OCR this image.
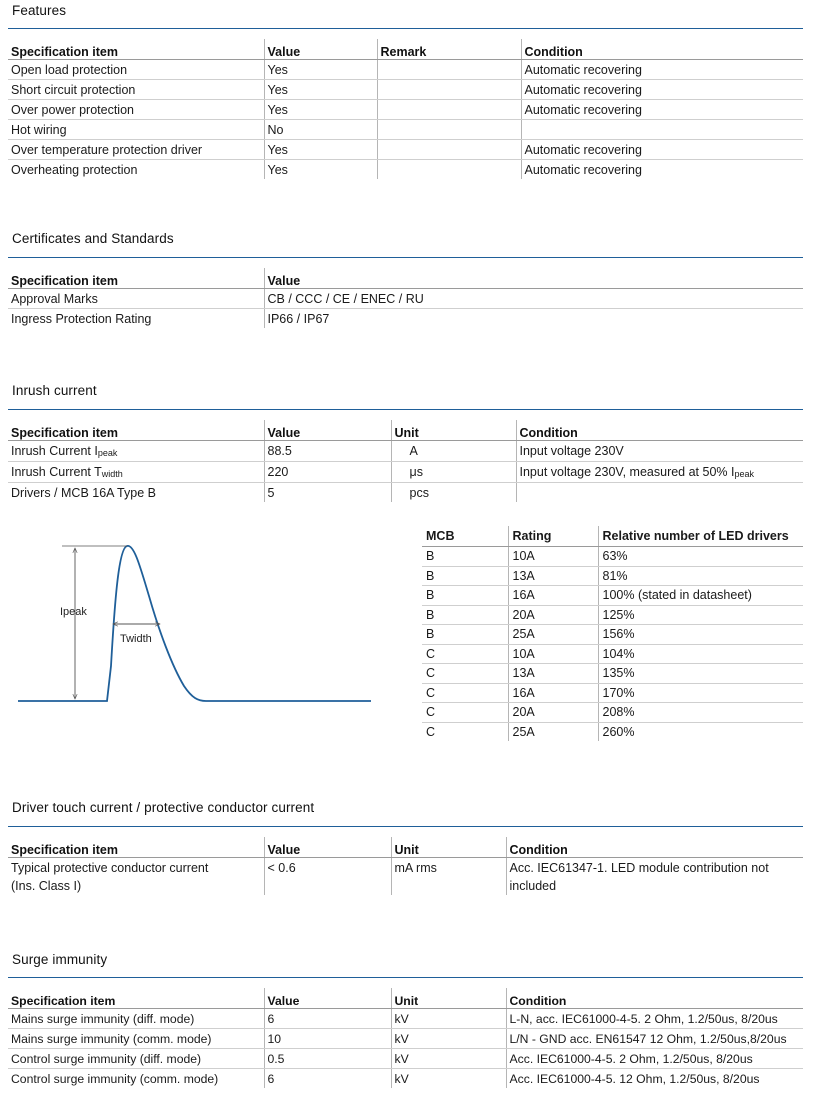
Features
Specification item	Value	Remark	Condition
Open load protection	Yes		Automatic recovering
Short circuit protection	Yes		Automatic recovering
Over power protection	Yes		Automatic recovering
Hot wiring	No		
Over temperature protection driver	Yes		Automatic recovering
Overheating protection	Yes		Automatic recovering
Certificates and Standards
Specification item	Value
Approval Marks	CB / CCC / CE / ENEC / RU
Ingress Protection Rating	IP66 / IP67
Inrush current
Specification item	Value	Unit	Condition
Inrush Current $I_{peak}$	88.5	A	Input voltage 230V
Inrush Current $T_{width}$	220	μs	Input voltage 230V, measured at 50% $I_{peak}$
Drivers / MCB 16A Type B	5	pcs	
Ipeak
Twidth
MCB	Rating	Relative number of LED drivers
B	10A	63%
B	13A	81%
B	16A	100% (stated in datasheet)
B	20A	125%
B	25A	156%
C	10A	104%
C	13A	135%
C	16A	170%
C	20A	208%
C	25A	260%
Driver touch current / protective conductor current
Specification item	Value	Unit	Condition
Typical protective conductor current (Ins. Class I)	< 0.6	mA rms	Acc. IEC61347-1. LED module contribution not included
Surge immunity
Specification item	Value	Unit	Condition
Mains surge immunity (diff. mode)	6	kV	L-N, acc. IEC61000-4-5. 2 Ohm, 1.2/50us, 8/20us
Mains surge immunity (comm. mode)	10	kV	L/N - GND acc. EN61547 12 Ohm, 1.2/50us,8/20us
Control surge immunity (diff. mode)	0.5	kV	Acc. IEC61000-4-5. 2 Ohm, 1.2/50us, 8/20us
Control surge immunity (comm. mode)	6	kV	Acc. IEC61000-4-5. 12 Ohm, 1.2/50us, 8/20us
